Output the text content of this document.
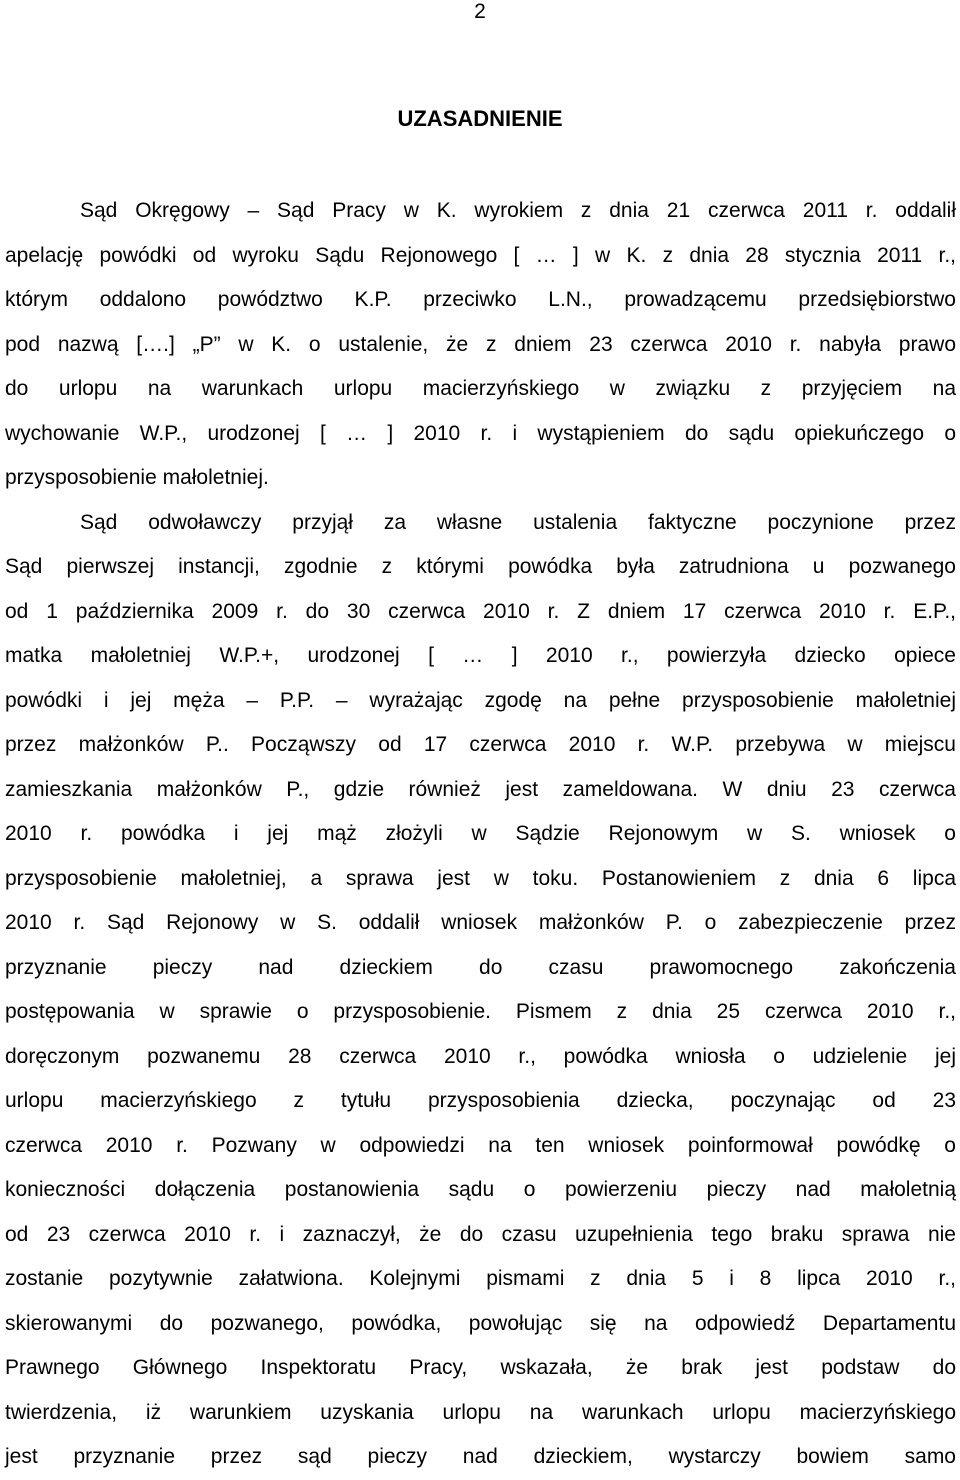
2
UZASADNIENIE
Sąd Okręgowy – Sąd Pracy w K. wyrokiem z dnia 21 czerwca 2011 r. oddalił
apelację powódki od wyroku Sądu Rejonowego [ … ] w K. z dnia 28 stycznia 2011 r.,
którym oddalono powództwo K.P. przeciwko L.N., prowadzącemu przedsiębiorstwo
pod nazwą [….] „P” w K. o ustalenie, że z dniem 23 czerwca 2010 r. nabyła prawo
do urlopu na warunkach urlopu macierzyńskiego w związku z przyjęciem na
wychowanie W.P., urodzonej [ … ] 2010 r. i wystąpieniem do sądu opiekuńczego o
przysposobienie małoletniej.
Sąd odwoławczy przyjął za własne ustalenia faktyczne poczynione przez
Sąd pierwszej instancji, zgodnie z którymi powódka była zatrudniona u pozwanego
od 1 października 2009 r. do 30 czerwca 2010 r. Z dniem 17 czerwca 2010 r. E.P.,
matka małoletniej W.P.+, urodzonej [ … ] 2010 r., powierzyła dziecko opiece
powódki i jej męża – P.P. – wyrażając zgodę na pełne przysposobienie małoletniej
przez małżonków P.. Począwszy od 17 czerwca 2010 r. W.P. przebywa w miejscu
zamieszkania małżonków P., gdzie również jest zameldowana. W dniu 23 czerwca
2010 r. powódka i jej mąż złożyli w Sądzie Rejonowym w S. wniosek o
przysposobienie małoletniej, a sprawa jest w toku. Postanowieniem z dnia 6 lipca
2010 r. Sąd Rejonowy w S. oddalił wniosek małżonków P. o zabezpieczenie przez
przyznanie pieczy nad dzieckiem do czasu prawomocnego zakończenia
postępowania w sprawie o przysposobienie. Pismem z dnia 25 czerwca 2010 r.,
doręczonym pozwanemu 28 czerwca 2010 r., powódka wniosła o udzielenie jej
urlopu macierzyńskiego z tytułu przysposobienia dziecka, poczynając od 23
czerwca 2010 r. Pozwany w odpowiedzi na ten wniosek poinformował powódkę o
konieczności dołączenia postanowienia sądu o powierzeniu pieczy nad małoletnią
od 23 czerwca 2010 r. i zaznaczył, że do czasu uzupełnienia tego braku sprawa nie
zostanie pozytywnie załatwiona. Kolejnymi pismami z dnia 5 i 8 lipca 2010 r.,
skierowanymi do pozwanego, powódka, powołując się na odpowiedź Departamentu
Prawnego Głównego Inspektoratu Pracy, wskazała, że brak jest podstaw do
twierdzenia, iż warunkiem uzyskania urlopu na warunkach urlopu macierzyńskiego
jest przyznanie przez sąd pieczy nad dzieckiem, wystarczy bowiem samo
